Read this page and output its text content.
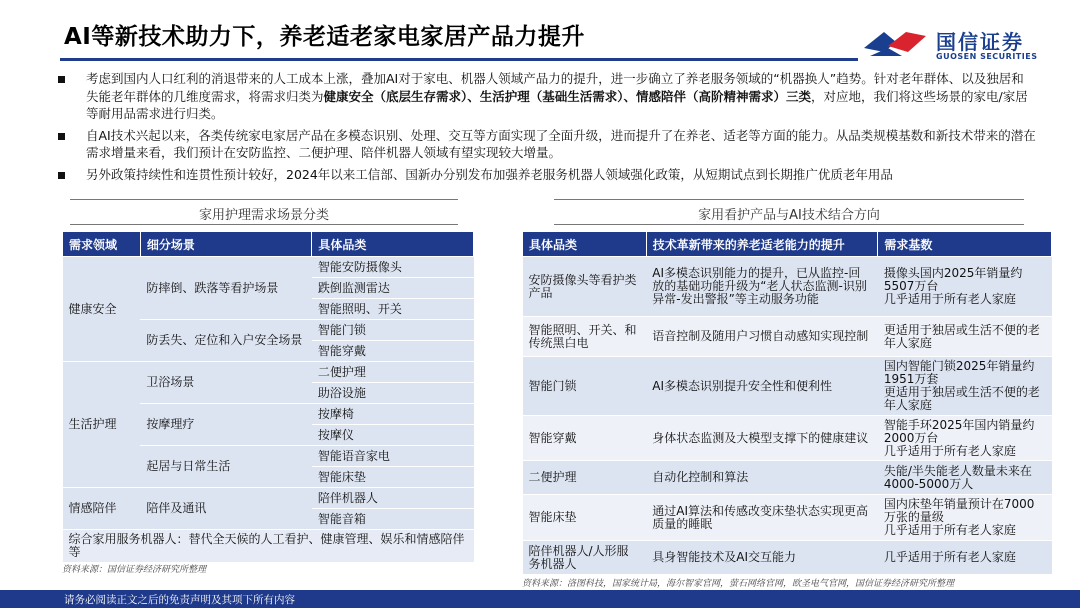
AI等新技术助力下，养老适老家电家居产品力提升	国信证券
GUOSEN SECURITIES
考虑到国内人口红利的消退带来的人工成本上涨，叠加AI对于家电、机器人领域产品力的提升，进一步确立了养老服务领域的“机器换人”趋势。针对老年群体、以及独居和失能老年群体的几维度需求，将需求归类为健康安全（底层生存需求）、生活护理（基础生活需求）、情感陪伴（高阶精神需求）三类，对应地，我们将这些场景的家电/家居等耐用品需求进行归类。
自AI技术兴起以来，各类传统家电家居产品在多模态识别、处理、交互等方面实现了全面升级，进而提升了在养老、适老等方面的能力。从品类规模基数和新技术带来的潜在需求增量来看，我们预计在安防监控、二便护理、陪伴机器人领域有望实现较大增量。
另外政策持续性和连贯性预计较好，2024年以来工信部、国新办分别发布加强养老服务机器人领域强化政策，从短期试点到长期推广优质老年用品
家用护理需求场景分类
需求领域	细分场景	具体品类
健康安全	防摔倒、跌落等看护场景	智能安防摄像头
		跌倒监测雷达
		智能照明、开关
	防丢失、定位和入户安全场景	智能门锁
		智能穿戴
生活护理	卫浴场景	二便护理
		助浴设施
	按摩理疗	按摩椅
		按摩仪
	起居与日常生活	智能语音家电
		智能床垫
情感陪伴	陪伴及通讯	陪伴机器人
		智能音箱
综合家用服务机器人：替代全天候的人工看护、健康管理、娱乐和情感陪伴等		
资料来源：国信证券经济研究所整理
家用看护产品与AI技术结合方向
具体品类	技术革新带来的养老适老能力的提升	需求基数
安防摄像头等看护类产品	AI多模态识别能力的提升，已从监控-回放的基础功能升级为“老人状态监测-识别异常-发出警报”等主动服务功能	摄像头国内2025年销量约5507万台
几乎适用于所有老人家庭
智能照明、开关、和传统黑白电	语音控制及随用户习惯自动感知实现控制	更适用于独居或生活不便的老年人家庭
智能门锁	AI多模态识别提升安全性和便利性	国内智能门锁2025年销量约1951万套
更适用于独居或生活不便的老年人家庭
智能穿戴	身体状态监测及大模型支撑下的健康建议	智能手环2025年国内销量约2000万台
几乎适用于所有老人家庭
二便护理	自动化控制和算法	失能/半失能老人数量未来在4000-5000万人
智能床垫	通过AI算法和传感改变床垫状态实现更高质量的睡眠	国内床垫年销量预计在7000万张的量级
几乎适用于所有老人家庭
陪伴机器人/人形服务机器人	具身智能技术及AI交互能力	几乎适用于所有老人家庭
资料来源：洛图科技，国家统计局，海尔智家官网，萤石网络官网，欧圣电气官网，国信证券经济研究所整理
请务必阅读正文之后的免责声明及其项下所有内容
